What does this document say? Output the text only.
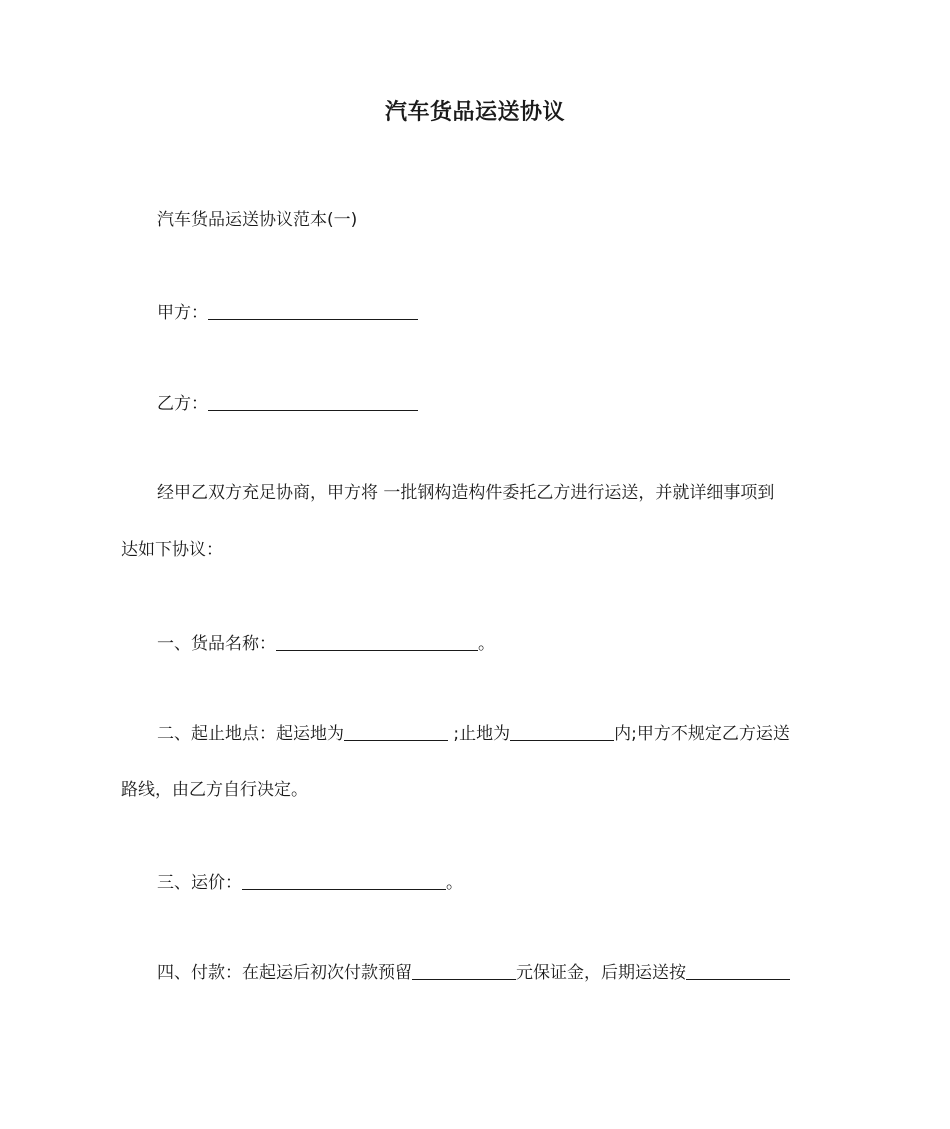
汽车货品运送协议
汽车货品运送协议范本(一)
甲方：
乙方：
经甲乙双方充足协商，甲方将 一批钢构造构件委托乙方进行运送，并就详细事项到
达如下协议：
一、货品名称：	。
二、起止地点：起运地为	;止地为	内;甲方不规定乙方运送
路线，由乙方自行决定。
三、运价：	。
四、付款：在起运后初次付款预留	元保证金，后期运送按
